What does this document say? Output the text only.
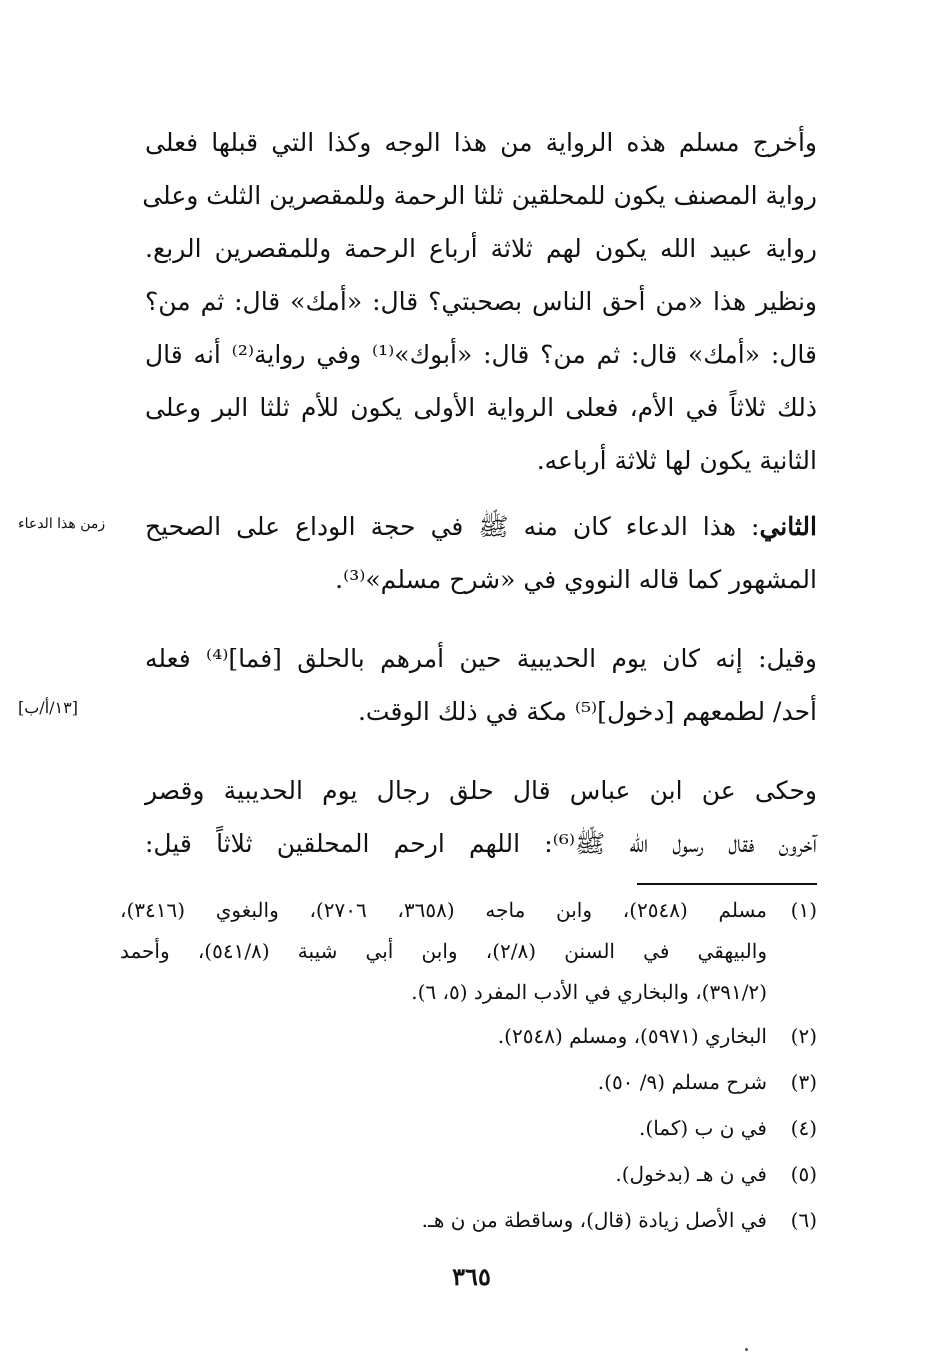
وأخرج مسلم هذه الرواية من هذا الوجه وكذا التي قبلها فعلى
رواية المصنف يكون للمحلقين ثلثا الرحمة وللمقصرين الثلث وعلى
رواية عبيد الله يكون لهم ثلاثة أرباع الرحمة وللمقصرين الربع.
ونظير هذا «من أحق الناس بصحبتي؟ قال: «أمك» قال: ثم من؟
قال: «أمك» قال: ثم من؟ قال: «أبوك»⁽¹⁾ وفي رواية⁽²⁾ أنه قال
ذلك ثلاثاً في الأم، فعلى الرواية الأولى يكون للأم ثلثا البر وعلى
الثانية يكون لها ثلاثة أرباعه.
الثاني: هذا الدعاء كان منه ﷺ في حجة الوداع على الصحيح
المشهور كما قاله النووي في «شرح مسلم»⁽³⁾.
زمن هذا الدعاء
وقيل: إنه كان يوم الحديبية حين أمرهم بالحلق [فما]⁽⁴⁾ فعله
أحد/ لطمعهم [دخول]⁽⁵⁾ مكة في ذلك الوقت.
[١٣/أ/ب]
وحكى عن ابن عباس قال حلق رجال يوم الحديبية وقصر
آخرون فقال رسول الله ﷺ⁽⁶⁾: اللهم ارحم المحلقين ثلاثاً قيل:
(١)
مسلم (٢٥٤٨)، وابن ماجه (٣٦٥٨، ٢٧٠٦)، والبغوي (٣٤١٦)،
والبيهقي في السنن (٢/٨)، وابن أبي شيبة (٥٤١/٨)، وأحمد
(٣٩١/٢)، والبخاري في الأدب المفرد (٥، ٦).
(٢)
البخاري (٥٩٧١)، ومسلم (٢٥٤٨).
(٣)
شرح مسلم (٩/ ٥٠).
(٤)
في ن ب (كما).
(٥)
في ن هـ (بدخول).
(٦)
في الأصل زيادة (قال)، وساقطة من ن هـ.
٣٦٥
